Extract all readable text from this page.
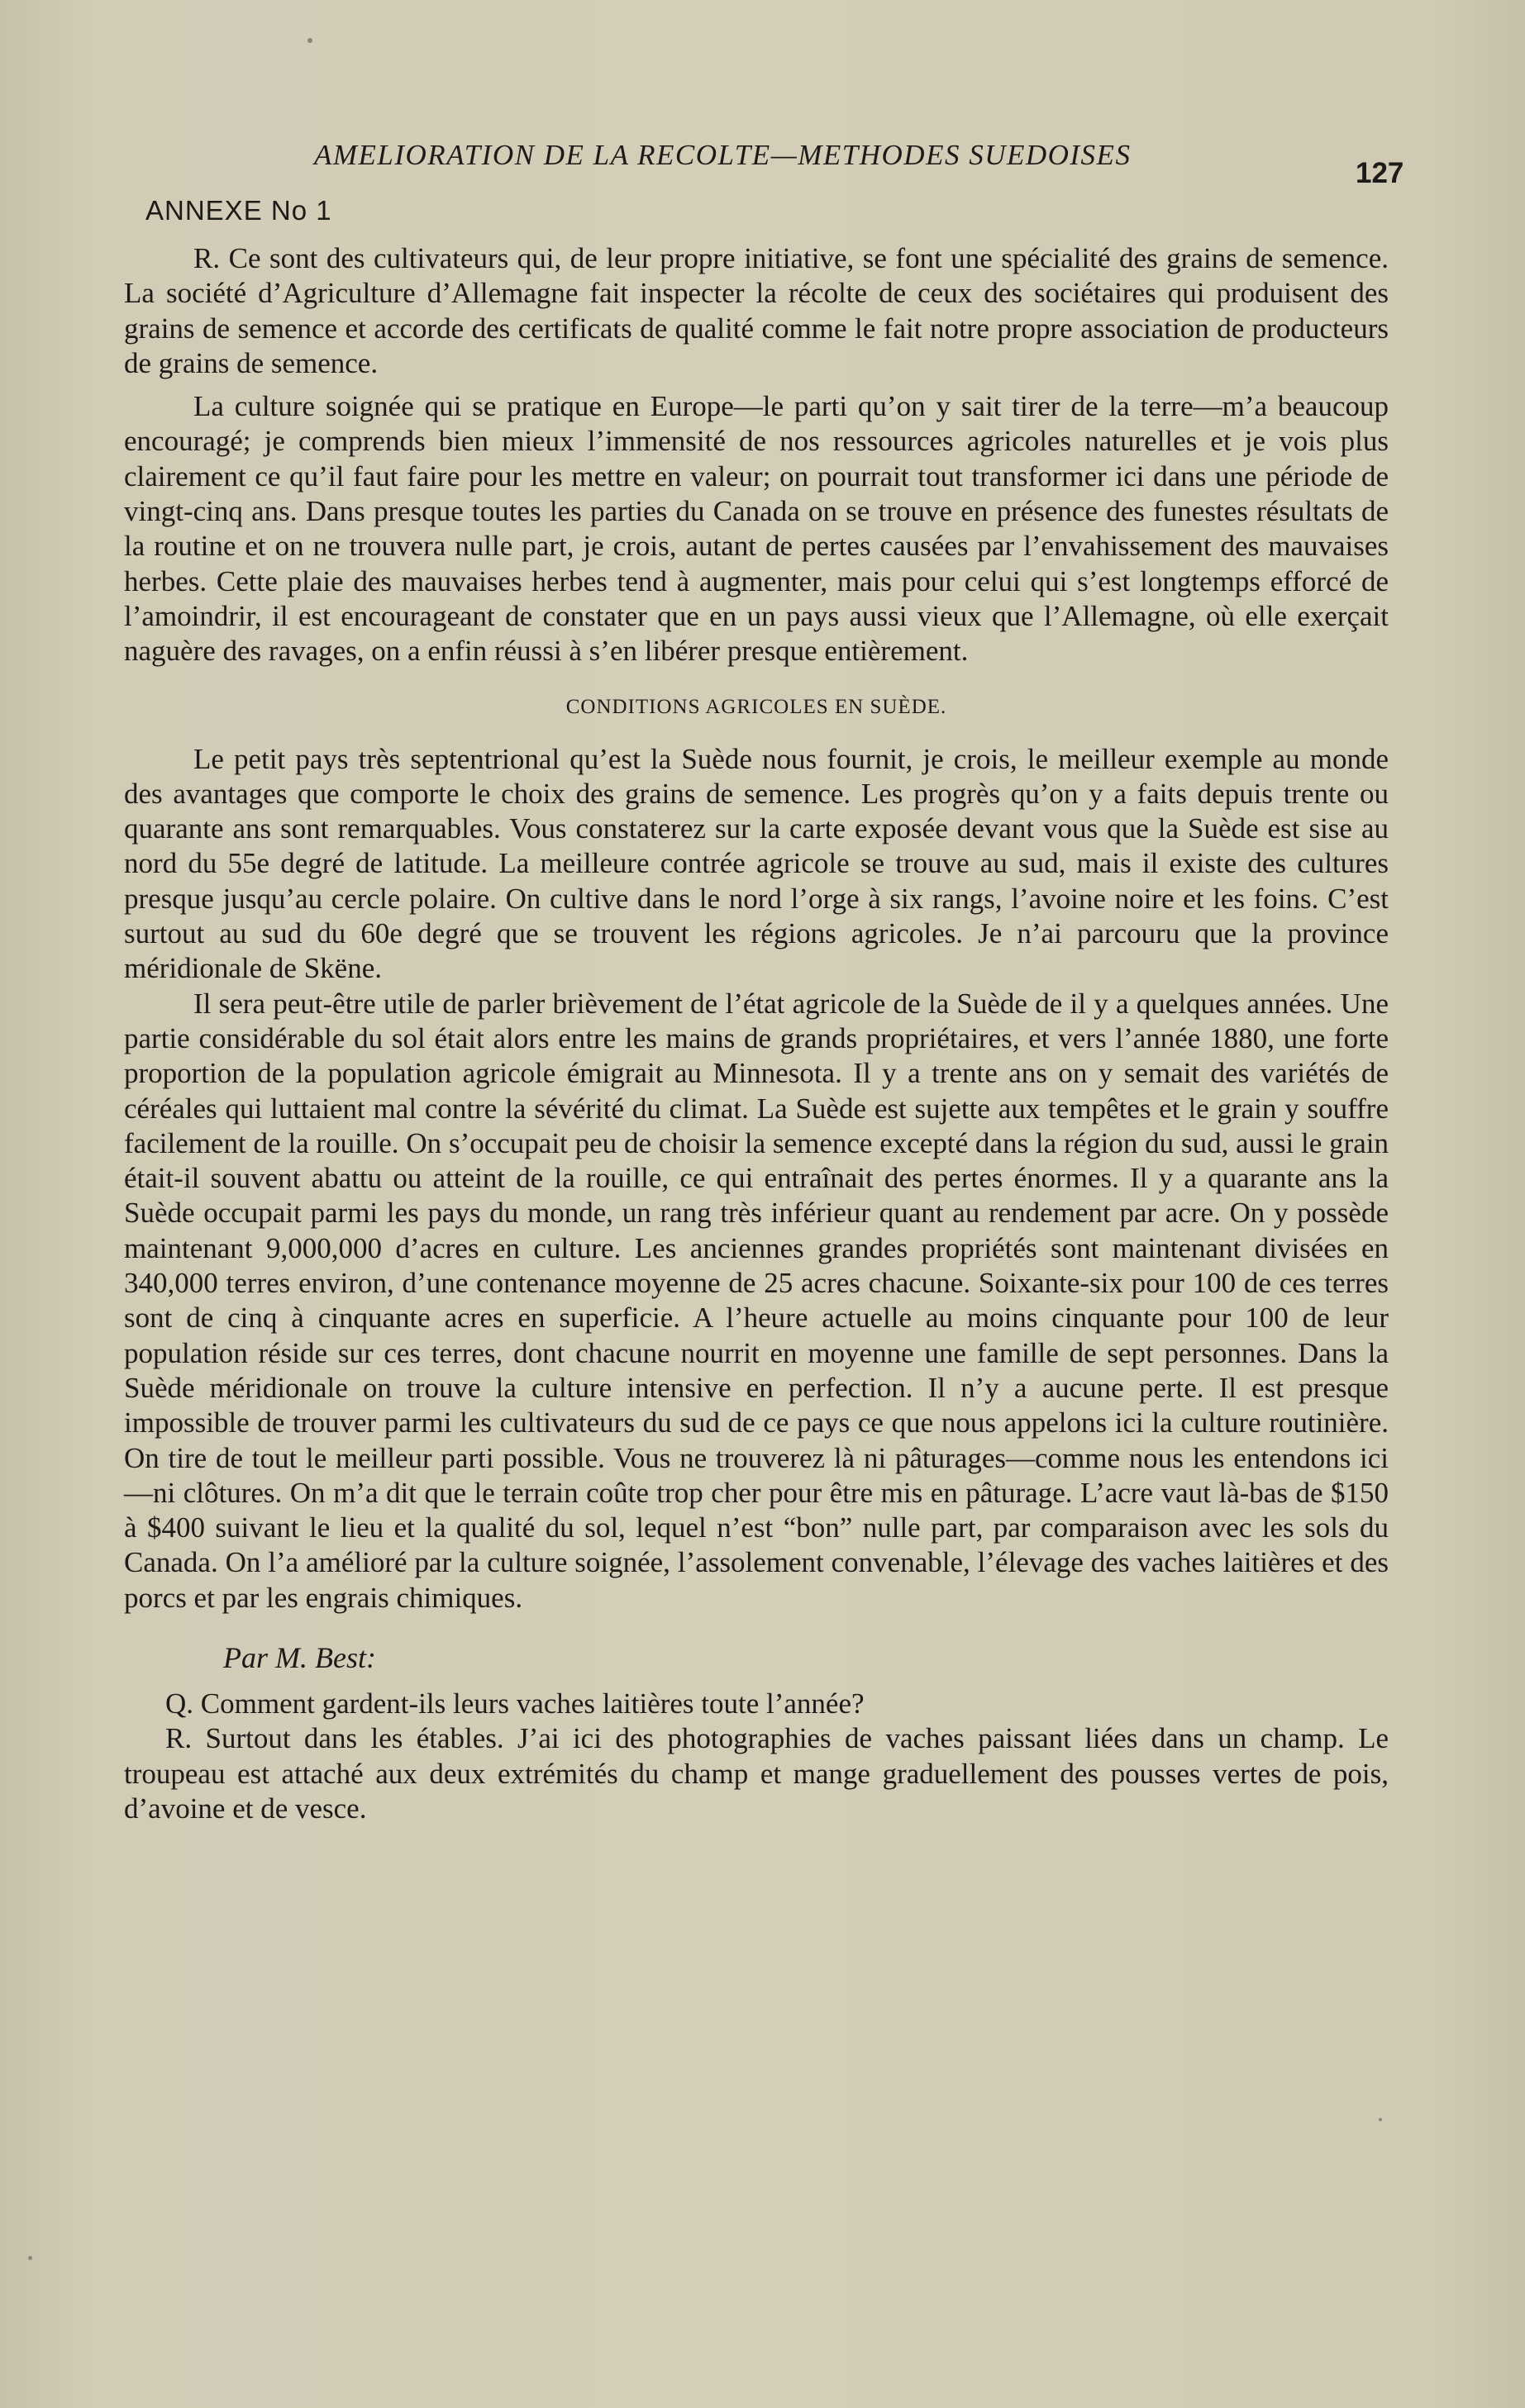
AMELIORATION DE LA RECOLTE—METHODES SUEDOISES
127
ANNEXE No 1

R. Ce sont des cultivateurs qui, de leur propre initiative, se font une spécialité des grains de semence. La société d’Agriculture d’Allemagne fait inspecter la récolte de ceux des sociétaires qui produisent des grains de semence et accorde des certificats de qualité comme le fait notre propre association de producteurs de grains de semence.

La culture soignée qui se pratique en Europe—le parti qu’on y sait tirer de la terre—m’a beaucoup encouragé; je comprends bien mieux l’immensité de nos ressources agricoles naturelles et je vois plus clairement ce qu’il faut faire pour les mettre en valeur; on pourrait tout transformer ici dans une période de vingt-cinq ans. Dans presque toutes les parties du Canada on se trouve en présence des funestes résultats de la routine et on ne trouvera nulle part, je crois, autant de pertes causées par l’envahissement des mauvaises herbes. Cette plaie des mauvaises herbes tend à augmenter, mais pour celui qui s’est longtemps efforcé de l’amoindrir, il est encourageant de constater que en un pays aussi vieux que l’Allemagne, où elle exerçait naguère des ravages, on a enfin réussi à s’en libérer presque entièrement.

CONDITIONS AGRICOLES EN SUÈDE.

Le petit pays très septentrional qu’est la Suède nous fournit, je crois, le meilleur exemple au monde des avantages que comporte le choix des grains de semence. Les progrès qu’on y a faits depuis trente ou quarante ans sont remarquables. Vous constaterez sur la carte exposée devant vous que la Suède est sise au nord du 55e degré de latitude. La meilleure contrée agricole se trouve au sud, mais il existe des cultures presque jusqu’au cercle polaire. On cultive dans le nord l’orge à six rangs, l’avoine noire et les foins. C’est surtout au sud du 60e degré que se trouvent les régions agricoles. Je n’ai parcouru que la province méridionale de Skëne.

Il sera peut-être utile de parler brièvement de l’état agricole de la Suède de il y a quelques années. Une partie considérable du sol était alors entre les mains de grands propriétaires, et vers l’année 1880, une forte proportion de la population agricole émigrait au Minnesota. Il y a trente ans on y semait des variétés de céréales qui luttaient mal contre la sévérité du climat. La Suède est sujette aux tempêtes et le grain y souffre facilement de la rouille. On s’occupait peu de choisir la semence excepté dans la région du sud, aussi le grain était-il souvent abattu ou atteint de la rouille, ce qui entraînait des pertes énormes. Il y a quarante ans la Suède occupait parmi les pays du monde, un rang très inférieur quant au rendement par acre. On y possède maintenant 9,000,000 d’acres en culture. Les anciennes grandes propriétés sont maintenant divisées en 340,000 terres environ, d’une contenance moyenne de 25 acres chacune. Soixante-six pour 100 de ces terres sont de cinq à cinquante acres en superficie. A l’heure actuelle au moins cinquante pour 100 de leur population réside sur ces terres, dont chacune nourrit en moyenne une famille de sept personnes. Dans la Suède méridionale on trouve la culture intensive en perfection. Il n’y a aucune perte. Il est presque impossible de trouver parmi les cultivateurs du sud de ce pays ce que nous appelons ici la culture routinière. On tire de tout le meilleur parti possible. Vous ne trouverez là ni pâturages—comme nous les entendons ici—ni clôtures. On m’a dit que le terrain coûte trop cher pour être mis en pâturage. L’acre vaut là-bas de $150 à $400 suivant le lieu et la qualité du sol, lequel n’est “bon” nulle part, par comparaison avec les sols du Canada. On l’a amélioré par la culture soignée, l’assolement convenable, l’élevage des vaches laitières et des porcs et par les engrais chimiques.

Par M. Best:

Q. Comment gardent-ils leurs vaches laitières toute l’année?

R. Surtout dans les étables. J’ai ici des photographies de vaches paissant liées dans un champ. Le troupeau est attaché aux deux extrémités du champ et mange graduellement des pousses vertes de pois, d’avoine et de vesce.
